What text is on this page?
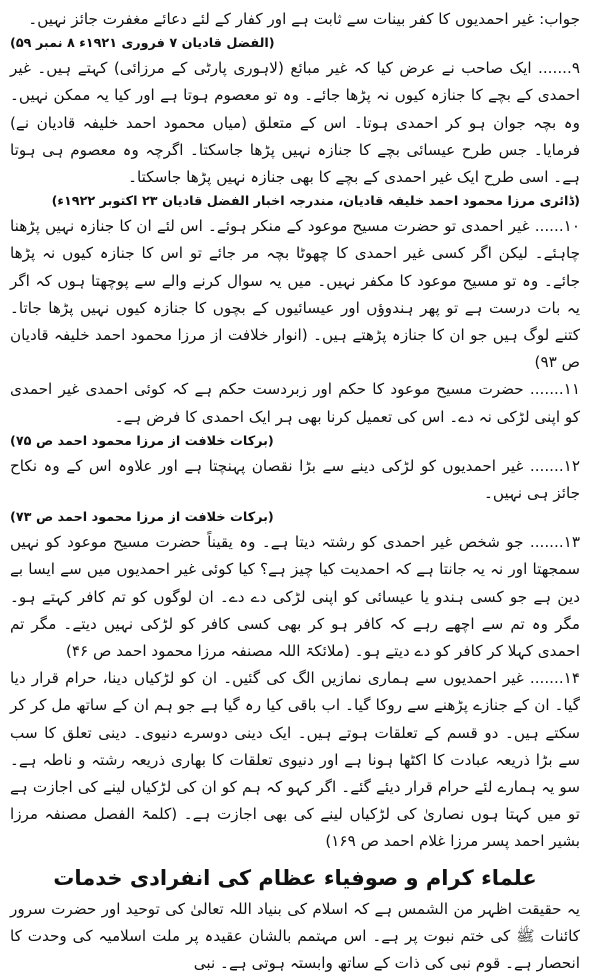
جواب: غیر احمدیوں کا کفر بینات سے ثابت ہے اور کفار کے لئے دعائے مغفرت جائز نہیں۔

(الفضل قادیان ۷ فروری ۱۹۲۱ء ۸ نمبر ۵۹)

۹....... ایک صاحب نے عرض کیا کہ غیر مبائع (لاہوری پارٹی کے مرزائی) کہتے ہیں۔ غیر احمدی کے بچے کا جنازہ کیوں نہ پڑھا جائے۔ وہ تو معصوم ہوتا ہے اور کیا یہ ممکن نہیں۔ وہ بچہ جوان ہو کر احمدی ہوتا۔ اس کے متعلق (میاں محمود احمد خلیفہ قادیان نے) فرمایا۔ جس طرح عیسائی بچے کا جنازہ نہیں پڑھا جاسکتا۔ اگرچہ وہ معصوم ہی ہوتا ہے۔ اسی طرح ایک غیر احمدی کے بچے کا بھی جنازہ نہیں پڑھا جاسکتا۔

(ڈائری مرزا محمود احمد خلیفہ قادیان، مندرجہ اخبار الفضل قادیان ۲۳ اکتوبر ۱۹۲۲ء)

۱۰...... غیر احمدی تو حضرت مسیح موعود کے منکر ہوئے۔ اس لئے ان کا جنازہ نہیں پڑھنا چاہئے۔ لیکن اگر کسی غیر احمدی کا چھوٹا بچہ مر جائے تو اس کا جنازہ کیوں نہ پڑھا جائے۔ وہ تو مسیح موعود کا مکفر نہیں۔ میں یہ سوال کرنے والے سے پوچھتا ہوں کہ اگر یہ بات درست ہے تو پھر ہندوؤں اور عیسائیوں کے بچوں کا جنازہ کیوں نہیں پڑھا جاتا۔ کتنے لوگ ہیں جو ان کا جنازہ پڑھتے ہیں۔ (انوار خلافت از مرزا محمود احمد خلیفہ قادیان ص ۹۳)

۱۱....... حضرت مسیح موعود کا حکم اور زبردست حکم ہے کہ کوئی احمدی غیر احمدی کو اپنی لڑکی نہ دے۔ اس کی تعمیل کرنا بھی ہر ایک احمدی کا فرض ہے۔

(برکات خلافت از مرزا محمود احمد ص ۷۵)

۱۲....... غیر احمدیوں کو لڑکی دینے سے بڑا نقصان پہنچتا ہے اور علاوہ اس کے وہ نکاح جائز ہی نہیں۔

(برکات خلافت از مرزا محمود احمد ص ۷۳)

۱۳....... جو شخص غیر احمدی کو رشتہ دیتا ہے۔ وہ یقیناً حضرت مسیح موعود کو نہیں سمجھتا اور نہ یہ جانتا ہے کہ احمدیت کیا چیز ہے؟ کیا کوئی غیر احمدیوں میں سے ایسا بے دین ہے جو کسی ہندو یا عیسائی کو اپنی لڑکی دے دے۔ ان لوگوں کو تم کافر کہتے ہو۔ مگر وہ تم سے اچھے رہے کہ کافر ہو کر بھی کسی کافر کو لڑکی نہیں دیتے۔ مگر تم احمدی کہلا کر کافر کو دے دیتے ہو۔ (ملائکۃ اللہ مصنفہ مرزا محمود احمد ص ۴۶)

۱۴....... غیر احمدیوں سے ہماری نمازیں الگ کی گئیں۔ ان کو لڑکیاں دینا، حرام قرار دیا گیا۔ ان کے جنازے پڑھنے سے روکا گیا۔ اب باقی کیا رہ گیا ہے جو ہم ان کے ساتھ مل کر کر سکتے ہیں۔ دو قسم کے تعلقات ہوتے ہیں۔ ایک دینی دوسرے دنیوی۔ دینی تعلق کا سب سے بڑا ذریعہ عبادت کا اکٹھا ہونا ہے اور دنیوی تعلقات کا بھاری ذریعہ رشتہ و ناطہ ہے۔ سو یہ ہمارے لئے حرام قرار دیئے گئے۔ اگر کہو کہ ہم کو ان کی لڑکیاں لینے کی اجازت ہے تو میں کہتا ہوں نصاریٰ کی لڑکیاں لینے کی بھی اجازت ہے۔ (کلمۃ الفصل مصنفہ مرزا بشیر احمد پسر مرزا غلام احمد ص ۱۶۹)

علماء کرام و صوفیاء عظام کی انفرادی خدمات

یہ حقیقت اظہر من الشمس ہے کہ اسلام کی بنیاد اللہ تعالیٰ کی توحید اور حضرت سرور کائنات ﷺ کی ختم نبوت پر ہے۔ اس مہتمم بالشان عقیدہ پر ملت اسلامیہ کی وحدت کا انحصار ہے۔ قوم نبی کی ذات کے ساتھ وابستہ ہوتی ہے۔ نبی
